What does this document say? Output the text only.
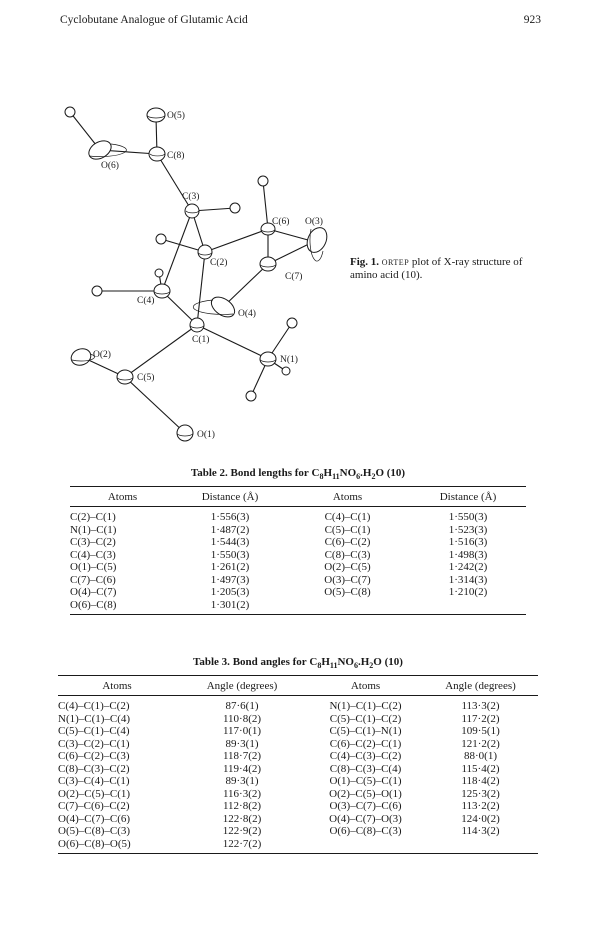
Cyclobutane Analogue of Glutamic Acid	923
O(5)
C(8)
O(6)
C(3)
C(6) O(3)
C(2)
C(7)
C(4)
O(4)
C(1)
N(1)
O(2)
C(5)
O(1)
Fig. 1. ortep plot of X-ray structure of amino acid (10).
Table 2. Bond lengths for $C_8H_{11}NO_6.H_2O$ (10)
Atoms	Distance (Å)	Atoms	Distance (Å)
C(2)–C(1)	1·556(3)	C(4)–C(1)	1·550(3)
N(1)–C(1)	1·487(2)	C(5)–C(1)	1·523(3)
C(3)–C(2)	1·544(3)	C(6)–C(2)	1·516(3)
C(4)–C(3)	1·550(3)	C(8)–C(3)	1·498(3)
O(1)–C(5)	1·261(2)	O(2)–C(5)	1·242(2)
C(7)–C(6)	1·497(3)	O(3)–C(7)	1·314(3)
O(4)–C(7)	1·205(3)	O(5)–C(8)	1·210(2)
O(6)–C(8)	1·301(2)		
Table 3. Bond angles for $C_8H_{11}NO_6.H_2O$ (10)
Atoms	Angle (degrees)	Atoms	Angle (degrees)
C(4)–C(1)–C(2)	87·6(1)	N(1)–C(1)–C(2)	113·3(2)
N(1)–C(1)–C(4)	110·8(2)	C(5)–C(1)–C(2)	117·2(2)
C(5)–C(1)–C(4)	117·0(1)	C(5)–C(1)–N(1)	109·5(1)
C(3)–C(2)–C(1)	89·3(1)	C(6)–C(2)–C(1)	121·2(2)
C(6)–C(2)–C(3)	118·7(2)	C(4)–C(3)–C(2)	88·0(1)
C(8)–C(3)–C(2)	119·4(2)	C(8)–C(3)–C(4)	115·4(2)
C(3)–C(4)–C(1)	89·3(1)	O(1)–C(5)–C(1)	118·4(2)
O(2)–C(5)–C(1)	116·3(2)	O(2)–C(5)–O(1)	125·3(2)
C(7)–C(6)–C(2)	112·8(2)	O(3)–C(7)–C(6)	113·2(2)
O(4)–C(7)–C(6)	122·8(2)	O(4)–C(7)–O(3)	124·0(2)
O(5)–C(8)–C(3)	122·9(2)	O(6)–C(8)–C(3)	114·3(2)
O(6)–C(8)–O(5)	122·7(2)		
